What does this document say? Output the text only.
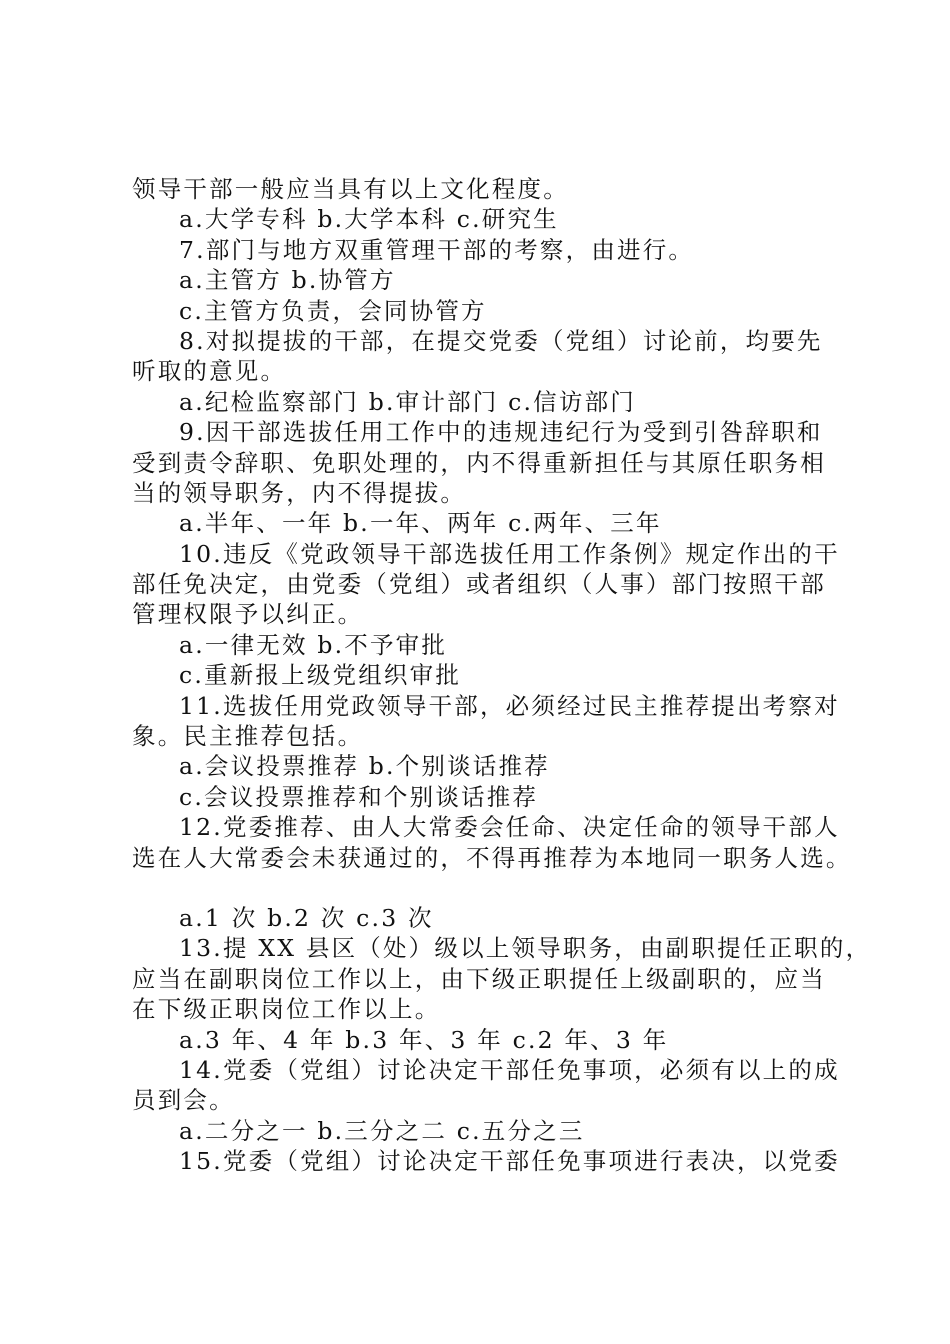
领导干部一般应当具有以上文化程度。
a.大学专科 b.大学本科 c.研究生
7.部门与地方双重管理干部的考察，由进行。
a.主管方 b.协管方
c.主管方负责，会同协管方
8.对拟提拔的干部，在提交党委（党组）讨论前，均要先
听取的意见。
a.纪检监察部门 b.审计部门 c.信访部门
9.因干部选拔任用工作中的违规违纪行为受到引咎辞职和
受到责令辞职、免职处理的，内不得重新担任与其原任职务相
当的领导职务，内不得提拔。
a.半年、一年 b.一年、两年 c.两年、三年
10.违反《党政领导干部选拔任用工作条例》规定作出的干
部任免决定，由党委（党组）或者组织（人事）部门按照干部
管理权限予以纠正。
a.一律无效 b.不予审批
c.重新报上级党组织审批
11.选拔任用党政领导干部，必须经过民主推荐提出考察对
象。民主推荐包括。
a.会议投票推荐 b.个别谈话推荐
c.会议投票推荐和个别谈话推荐
12.党委推荐、由人大常委会任命、决定任命的领导干部人
选在人大常委会未获通过的，不得再推荐为本地同一职务人选。
a.1 次 b.2 次 c.3 次
13.提 XX 县区（处）级以上领导职务，由副职提任正职的，
应当在副职岗位工作以上，由下级正职提任上级副职的，应当
在下级正职岗位工作以上。
a.3 年、4 年 b.3 年、3 年 c.2 年、3 年
14.党委（党组）讨论决定干部任免事项，必须有以上的成
员到会。
a.二分之一 b.三分之二 c.五分之三
15.党委（党组）讨论决定干部任免事项进行表决，以党委
